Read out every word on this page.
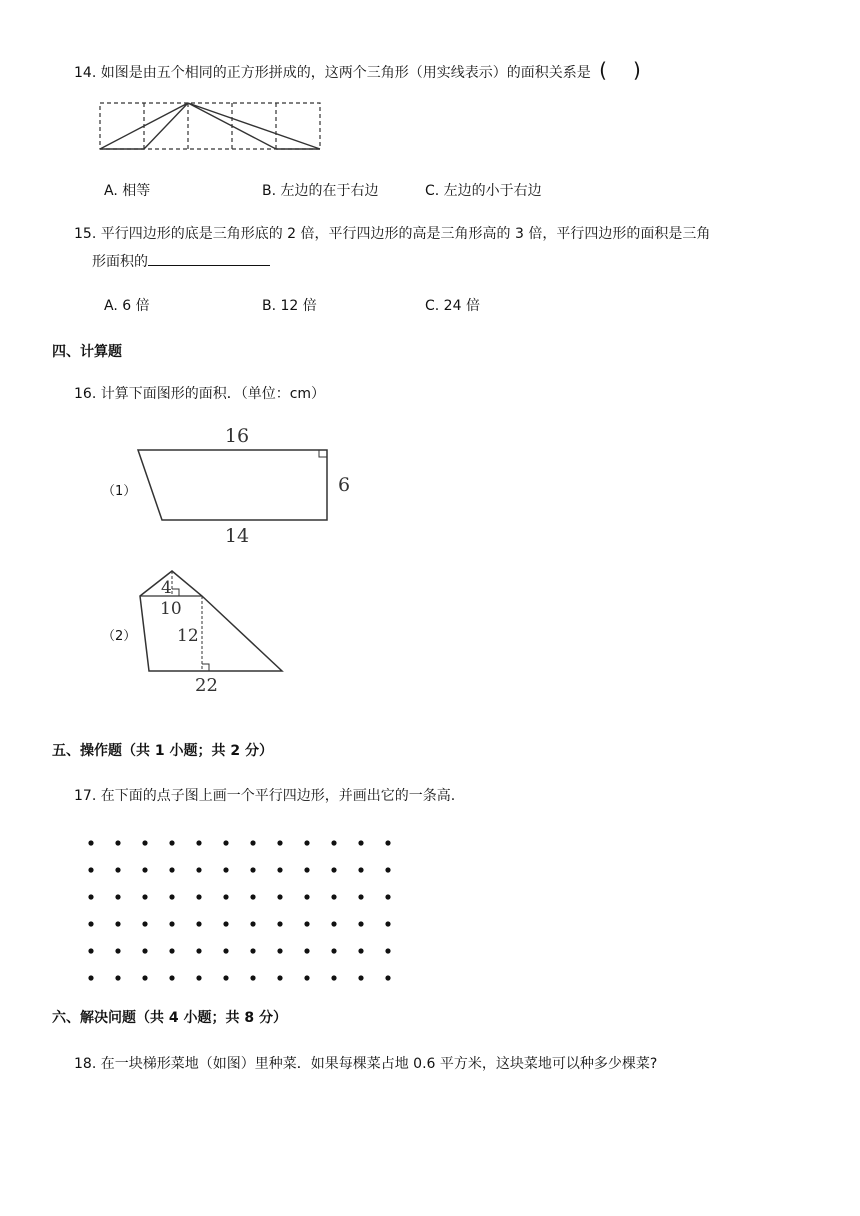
14. 如图是由五个相同的正方形拼成的，这两个三角形（用实线表示）的面积关系是 ( )
A. 相等	B. 左边的在于右边	C. 左边的小于右边
15. 平行四边形的底是三角形底的 2 倍，平行四边形的高是三角形高的 3 倍，平行四边形的面积是三角
形面积的
A. 6 倍	B. 12 倍	C. 24 倍
四、计算题
16. 计算下面图形的面积．（单位：cm）
（1）
16
6
14
（2）
4
10
12
22
五、操作题（共 1 小题；共 2 分）
17. 在下面的点子图上画一个平行四边形，并画出它的一条高.
六、解决问题（共 4 小题；共 8 分）
18. 在一块梯形菜地（如图）里种菜．如果每棵菜占地 0.6 平方米，这块菜地可以种多少棵菜?
